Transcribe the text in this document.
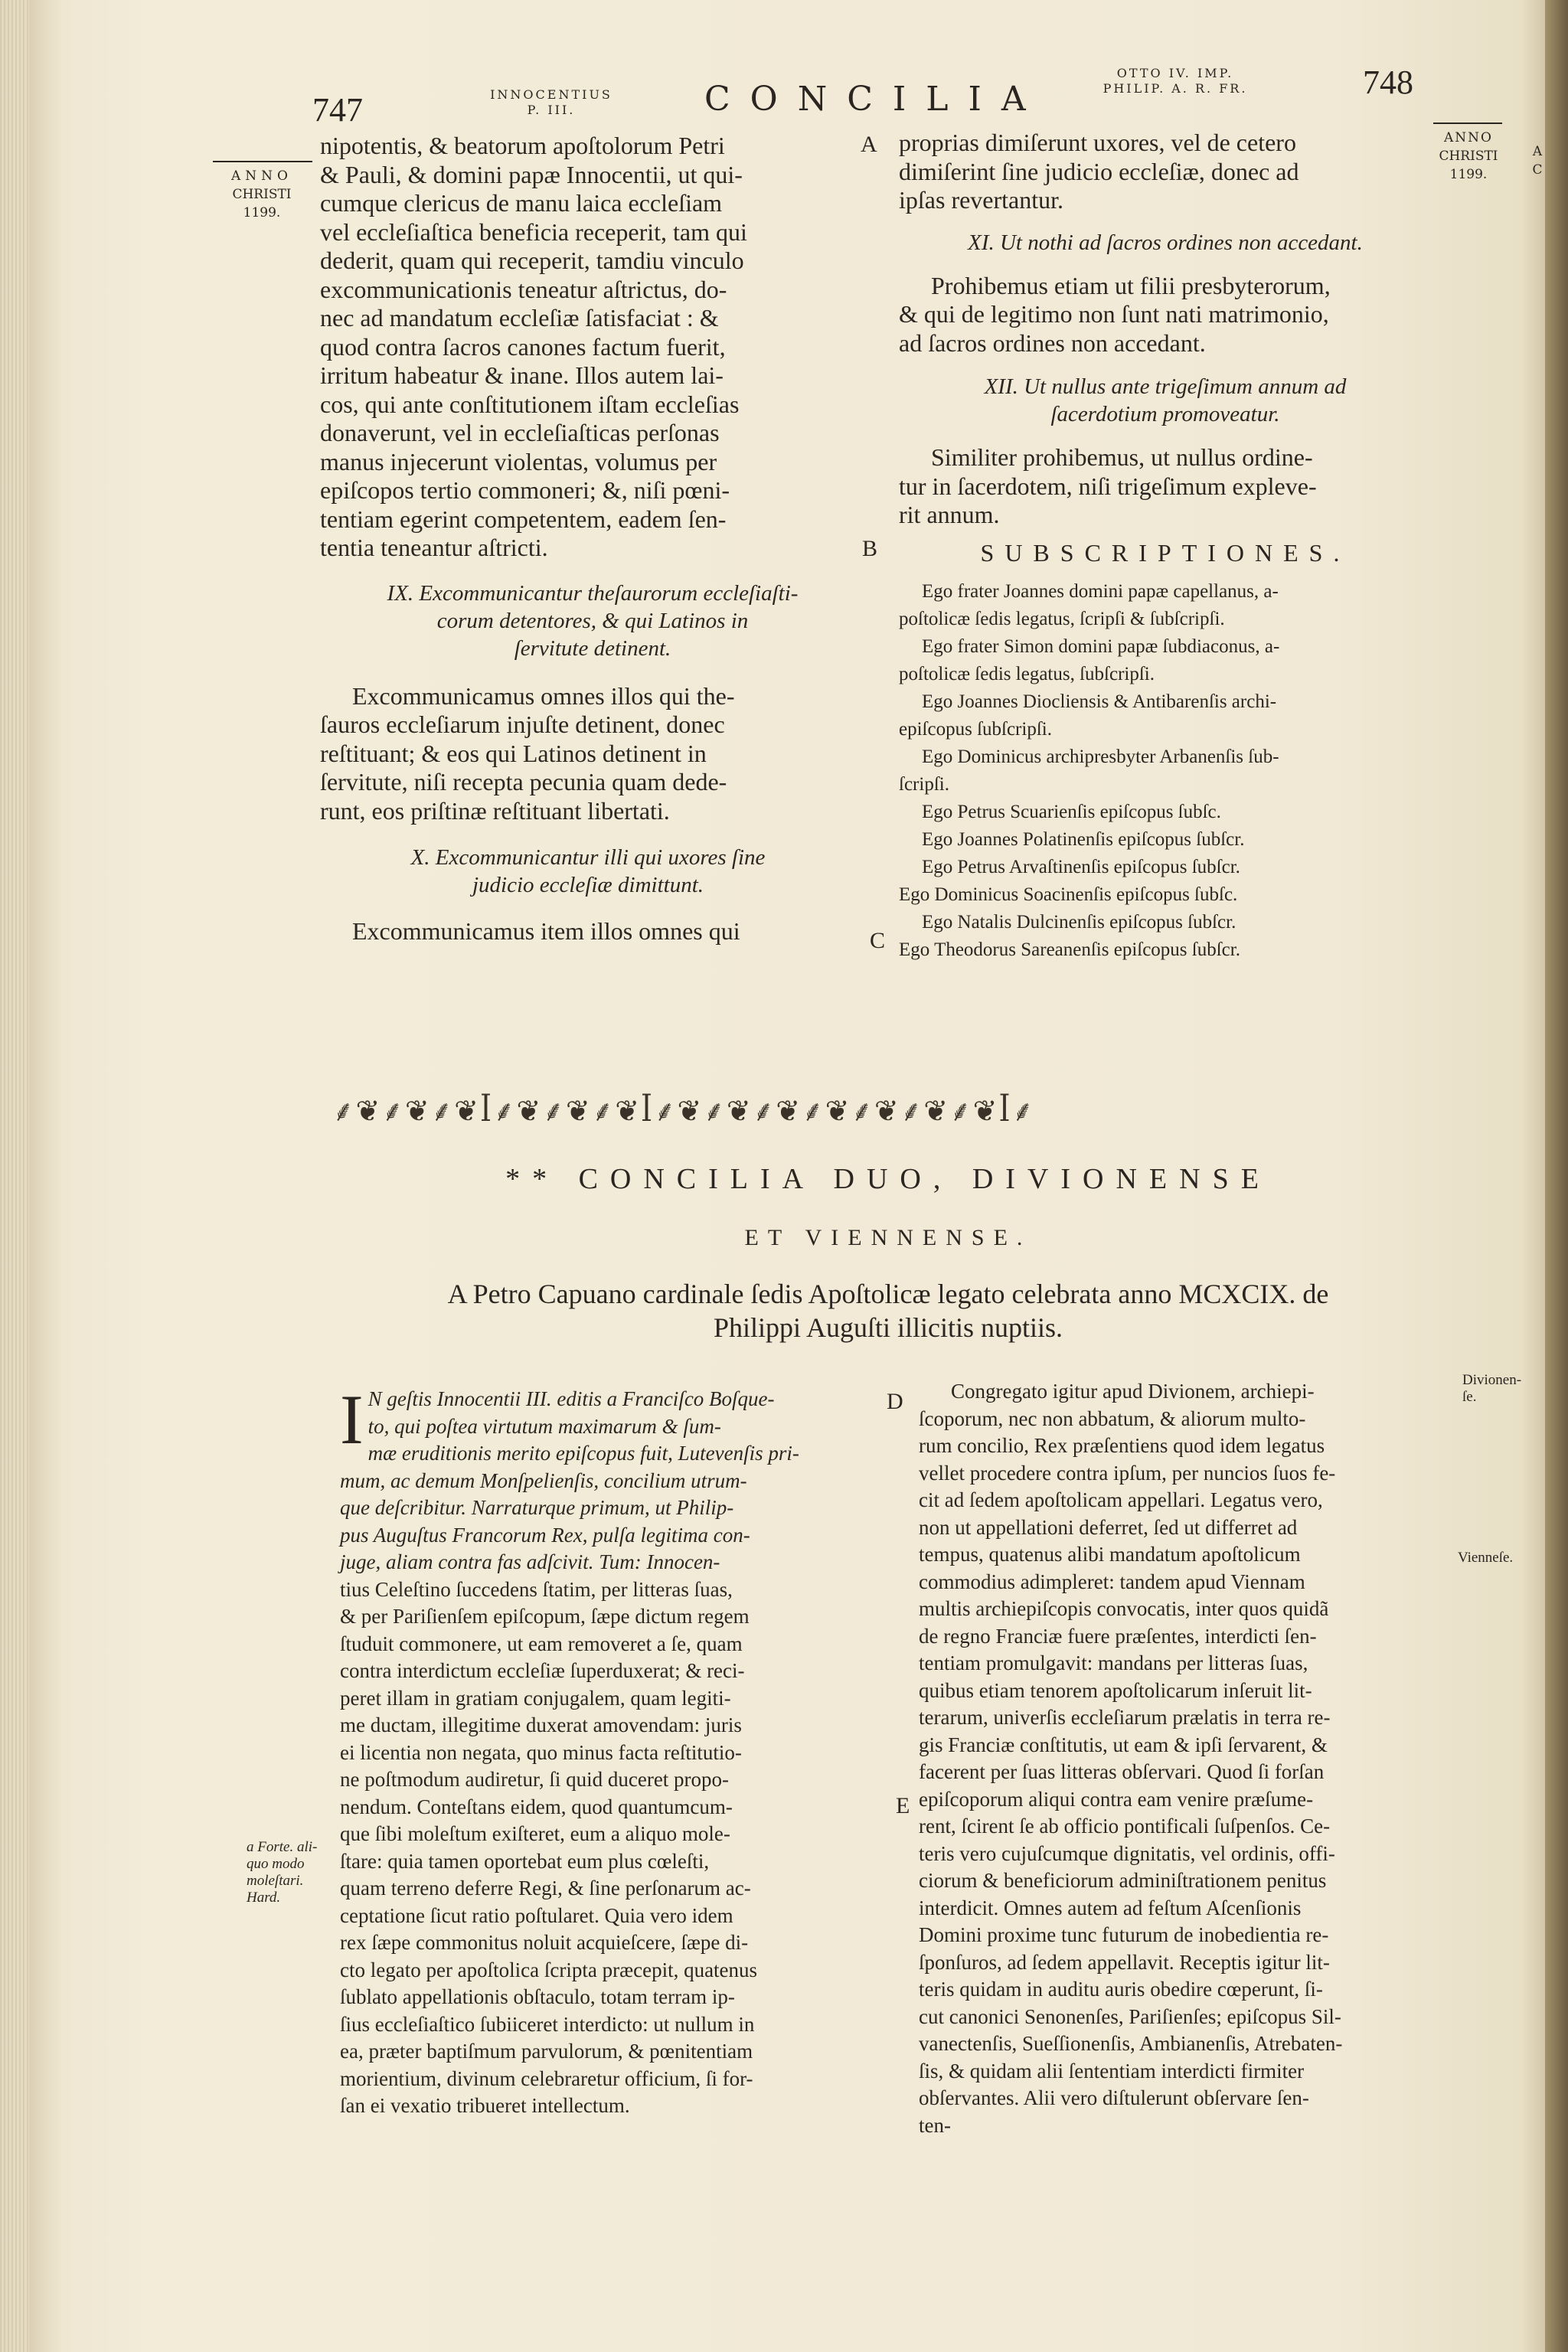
747	INNOCENTIUS
P. III.	CONCILIA
OTTO IV. IMP.
PHILIP. A. R. FR.	748
ANNO
CHRISTI
1199.
ANNO
CHRISTI
1199.
A
C
A
B
C
D
E
nipotentis, & beatorum apoſtolorum Petri
& Pauli, & domini papæ Innocentii, ut qui-
cumque clericus de manu laica eccleſiam
vel eccleſiaſtica beneficia receperit, tam qui
dederit, quam qui receperit, tamdiu vinculo
excommunicationis teneatur aſtrictus, do-
nec ad mandatum eccleſiæ ſatisfaciat : &
quod contra ſacros canones factum fuerit,
irritum habeatur & inane. Illos autem lai-
cos, qui ante conſtitutionem iſtam eccleſias
donaverunt, vel in eccleſiaſticas perſonas
manus injecerunt violentas, volumus per
epiſcopos tertio commoneri; &, niſi pœni-
tentiam egerint competentem, eadem ſen-
tentia teneantur aſtricti.
IX. Excommunicantur theſaurorum eccleſiaſti-
corum detentores, & qui Latinos in
ſervitute detinent.
Excommunicamus omnes illos qui the-
ſauros eccleſiarum injuſte detinent, donec
reſtituant; & eos qui Latinos detinent in
ſervitute, niſi recepta pecunia quam dede-
runt, eos priſtinæ reſtituant libertati.
X. Excommunicantur illi qui uxores ſine
judicio eccleſiæ dimittunt.
Excommunicamus item illos omnes qui
proprias dimiſerunt uxores, vel de cetero
dimiſerint ſine judicio eccleſiæ, donec ad
ipſas revertantur.
XI. Ut nothi ad ſacros ordines non accedant.
Prohibemus etiam ut filii presbyterorum,
& qui de legitimo non ſunt nati matrimonio,
ad ſacros ordines non accedant.
XII. Ut nullus ante trigeſimum annum ad
ſacerdotium promoveatur.
Similiter prohibemus, ut nullus ordine-
tur in ſacerdotem, niſi trigeſimum expleve-
rit annum.
SUBSCRIPTIONES.
Ego frater Joannes domini papæ capellanus, a-
poſtolicæ ſedis legatus, ſcripſi & ſubſcripſi.
Ego frater Simon domini papæ ſubdiaconus, a-
poſtolicæ ſedis legatus, ſubſcripſi.
Ego Joannes Diocliensis & Antibarenſis archi-
epiſcopus ſubſcripſi.
Ego Dominicus archipresbyter Arbanenſis ſub-
ſcripſi.
Ego Petrus Scuarienſis epiſcopus ſubſc.
Ego Joannes Polatinenſis epiſcopus ſubſcr.
Ego Petrus Arvaſtinenſis epiſcopus ſubſcr.
Ego Dominicus Soacinenſis epiſcopus ſubſc.
Ego Natalis Dulcinenſis epiſcopus ſubſcr.
Ego Theodorus Sareanenſis epiſcopus ſubſcr.
⸙❦⸙❦⸙❦ꟾ⸙❦⸙❦⸙❦ꟾ⸙❦⸙❦⸙❦⸙❦⸙❦⸙❦⸙❦ꟾ⸙
** CONCILIA DUO, DIVIONENSE
ET VIENNENSE.
A Petro Capuano cardinale ſedis Apoſtolicæ legato celebrata anno MCXCIX. de
Philippi Auguſti illicitis nuptiis.
I N geſtis Innocentii III. editis a Franciſco Boſque-
to, qui poſtea virtutum maximarum & ſum-
mæ eruditionis merito epiſcopus fuit, Lutevenſis pri-
mum, ac demum Monſpelienſis, concilium utrum-
que deſcribitur. Narraturque primum, ut Philip-
pus Auguſtus Francorum Rex, pulſa legitima con-
juge, aliam contra fas adſcivit. Tum: Innocen-
tius Celeſtino ſuccedens ſtatim, per litteras ſuas,
& per Pariſienſem epiſcopum, ſæpe dictum regem
ſtuduit commonere, ut eam removeret a ſe, quam
contra interdictum eccleſiæ ſuperduxerat; & reci-
peret illam in gratiam conjugalem, quam legiti-
me ductam, illegitime duxerat amovendam: juris
ei licentia non negata, quo minus facta reſtitutio-
ne poſtmodum audiretur, ſi quid duceret propo-
nendum. Conteſtans eidem, quod quantumcum-
que ſibi moleſtum exiſteret, eum a aliquo mole-
ſtare: quia tamen oportebat eum plus cœleſti,
quam terreno deferre Regi, & ſine perſonarum ac-
ceptatione ſicut ratio poſtularet. Quia vero idem
rex ſæpe commonitus noluit acquieſcere, ſæpe di-
cto legato per apoſtolica ſcripta præcepit, quatenus
ſublato appellationis obſtaculo, totam terram ip-
ſius eccleſiaſtico ſubiiceret interdicto: ut nullum in
ea, præter baptiſmum parvulorum, & pœnitentiam
morientium, divinum celebraretur officium, ſi for-
ſan ei vexatio tribueret intellectum.
Congregato igitur apud Divionem, archiepi-
ſcoporum, nec non abbatum, & aliorum multo-
rum concilio, Rex præſentiens quod idem legatus
vellet procedere contra ipſum, per nuncios ſuos fe-
cit ad ſedem apoſtolicam appellari. Legatus vero,
non ut appellationi deferret, ſed ut differret ad
tempus, quatenus alibi mandatum apoſtolicum
commodius adimpleret: tandem apud Viennam
multis archiepiſcopis convocatis, inter quos quidã
de regno Franciæ fuere præſentes, interdicti ſen-
tentiam promulgavit: mandans per litteras ſuas,
quibus etiam tenorem apoſtolicarum inſeruit lit-
terarum, univerſis eccleſiarum prælatis in terra re-
gis Franciæ conſtitutis, ut eam & ipſi ſervarent, &
facerent per ſuas litteras obſervari. Quod ſi forſan
epiſcoporum aliqui contra eam venire præſume-
rent, ſcirent ſe ab officio pontificali ſuſpenſos. Ce-
teris vero cujuſcumque dignitatis, vel ordinis, offi-
ciorum & beneficiorum adminiſtrationem penitus
interdicit. Omnes autem ad feſtum Aſcenſionis
Domini proxime tunc futurum de inobedientia re-
ſponſuros, ad ſedem appellavit. Receptis igitur lit-
teris quidam in auditu auris obedire cœperunt, ſi-
cut canonici Senonenſes, Pariſienſes; epiſcopus Sil-
vanectenſis, Sueſſionenſis, Ambianenſis, Atrebaten-
ſis, & quidam alii ſententiam interdicti firmiter
obſervantes. Alii vero diſtulerunt obſervare ſen-
ten-
a Forte. ali-
quo modo
moleſtari.
Hard.
Divionen-
ſe.
Vienneſe.
